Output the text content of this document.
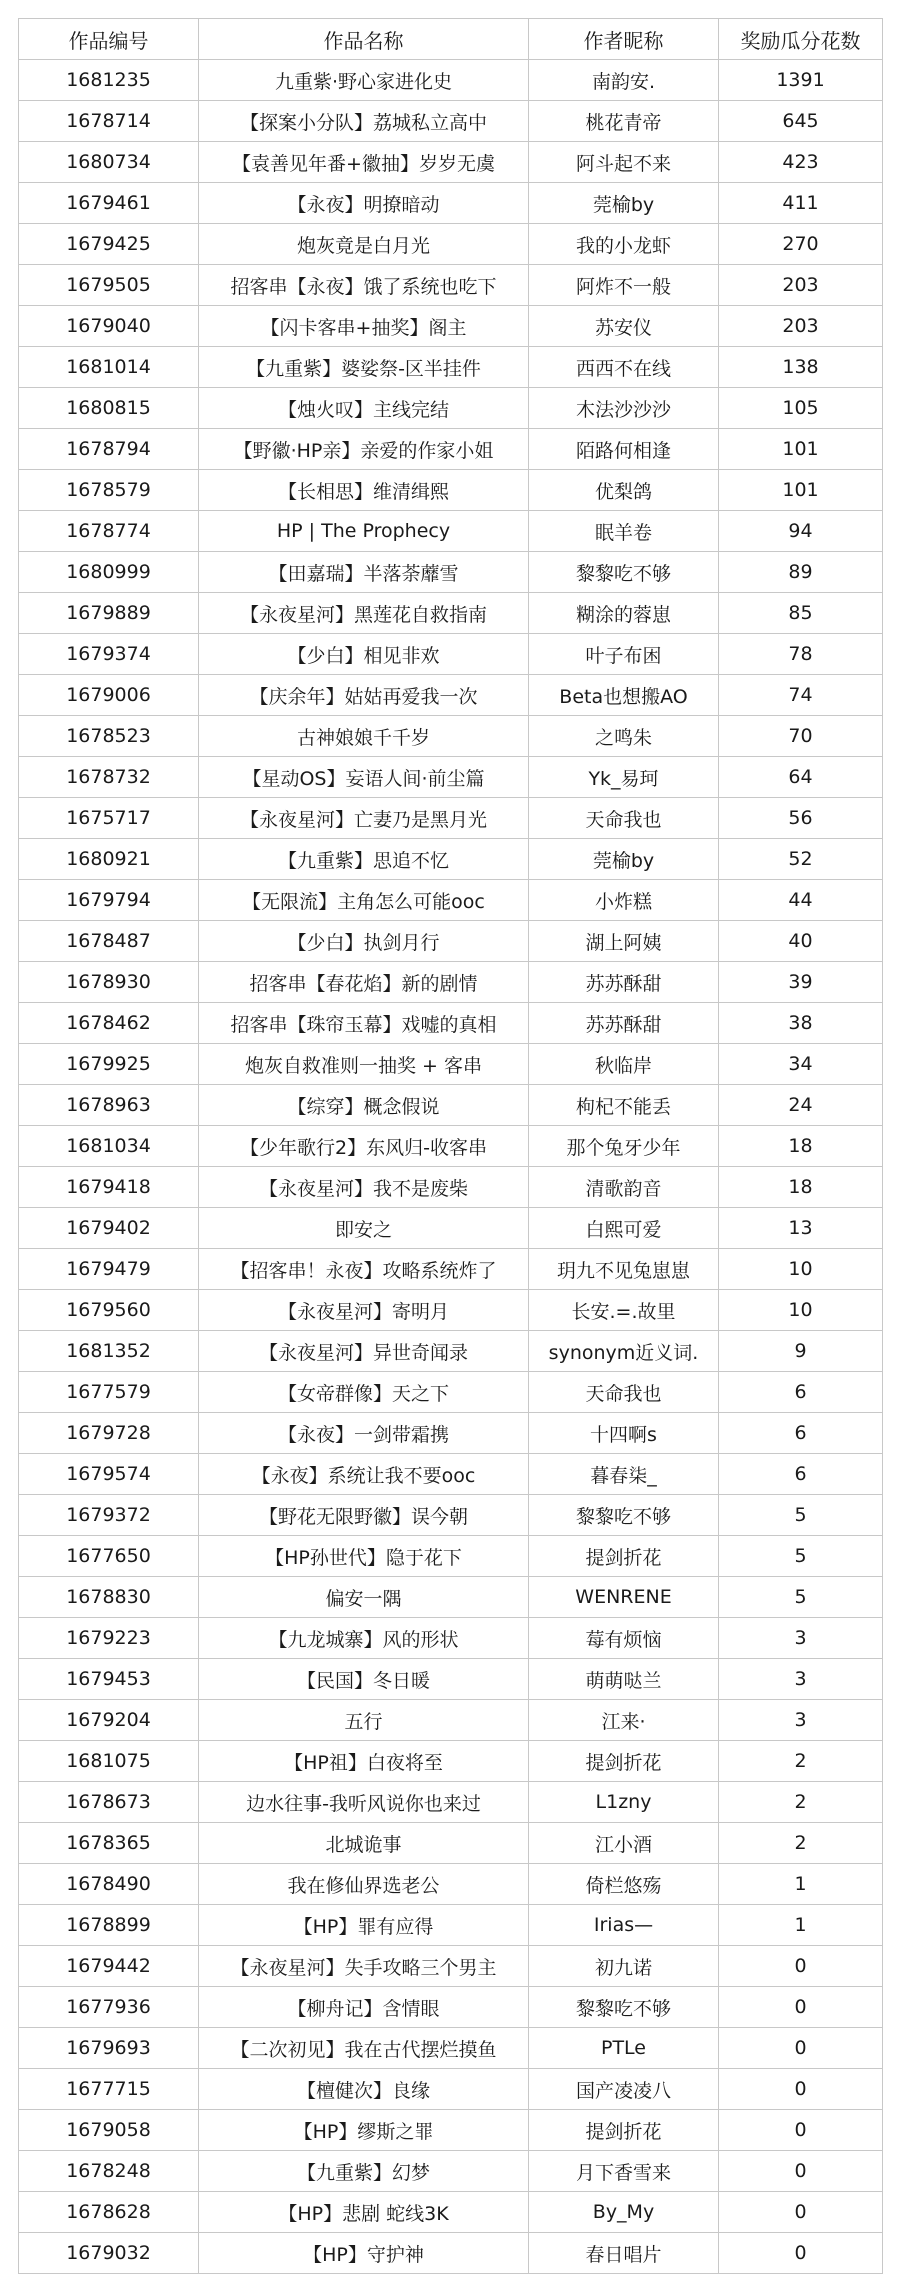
作品编号	作品名称	作者昵称	奖励瓜分花数
1681235	九重紫·野心家进化史	南韵安.	1391
1678714	【探案小分队】荔城私立高中	桃花青帝	645
1680734	【袁善见年番+徽抽】岁岁无虞	阿斗起不来	423
1679461	【永夜】明撩暗动	莞榆by	411
1679425	炮灰竟是白月光	我的小龙虾	270
1679505	招客串【永夜】饿了系统也吃下	阿炸不一般	203
1679040	【闪卡客串+抽奖】阁主	苏安仪	203
1681014	【九重紫】婆娑祭-区半挂件	西西不在线	138
1680815	【烛火叹】主线完结	木法沙沙沙	105
1678794	【野徽·HP亲】亲爱的作家小姐	陌路何相逢	101
1678579	【长相思】维清缉熙	优梨鸽	101
1678774	HP | The Prophecy	眠羊卷	94
1680999	【田嘉瑞】半落荼蘼雪	黎黎吃不够	89
1679889	【永夜星河】黑莲花自救指南	糊涂的蓉崽	85
1679374	【少白】相见非欢	叶子布困	78
1679006	【庆余年】姑姑再爱我一次	Beta也想搬AO	74
1678523	古神娘娘千千岁	之鸣朱	70
1678732	【星动OS】妄语人间·前尘篇	Yk_易珂	64
1675717	【永夜星河】亡妻乃是黑月光	天命我也	56
1680921	【九重紫】思追不忆	莞榆by	52
1679794	【无限流】主角怎么可能ooc	小炸糕	44
1678487	【少白】执剑月行	湖上阿姨	40
1678930	招客串【春花焰】新的剧情	苏苏酥甜	39
1678462	招客串【珠帘玉幕】戏嘘的真相	苏苏酥甜	38
1679925	炮灰自救准则一抽奖 + 客串	秋临岸	34
1678963	【综穿】概念假说	枸杞不能丢	24
1681034	【少年歌行2】东风归-收客串	那个兔牙少年	18
1679418	【永夜星河】我不是废柴	清歌韵音	18
1679402	即安之	白熙可爱	13
1679479	【招客串！永夜】攻略系统炸了	玥九不见兔崽崽	10
1679560	【永夜星河】寄明月	长安.=.故里	10
1681352	【永夜星河】异世奇闻录	synonym近义词.	9
1677579	【女帝群像】天之下	天命我也	6
1679728	【永夜】一剑带霜携	十四啊s	6
1679574	【永夜】系统让我不要ooc	暮春柒_	6
1679372	【野花无限野徽】误今朝	黎黎吃不够	5
1677650	【HP孙世代】隐于花下	提剑折花	5
1678830	偏安一隅	WENRENE	5
1679223	【九龙城寨】风的形状	莓有烦恼	3
1679453	【民国】冬日暖	萌萌哒兰	3
1679204	五行	江来·	3
1681075	【HP祖】白夜将至	提剑折花	2
1678673	边水往事-我听风说你也来过	L1zny	2
1678365	北城诡事	江小酒	2
1678490	我在修仙界选老公	倚栏悠殇	1
1678899	【HP】罪有应得	Irias—	1
1679442	【永夜星河】失手攻略三个男主	初九诺	0
1677936	【柳舟记】含情眼	黎黎吃不够	0
1679693	【二次初见】我在古代摆烂摸鱼	PTLe	0
1677715	【檀健次】良缘	国产凌凌八	0
1679058	【HP】缪斯之罪	提剑折花	0
1678248	【九重紫】幻梦	月下香雪来	0
1678628	【HP】悲剧 蛇线3K	By_My	0
1679032	【HP】守护神	春日唱片	0
